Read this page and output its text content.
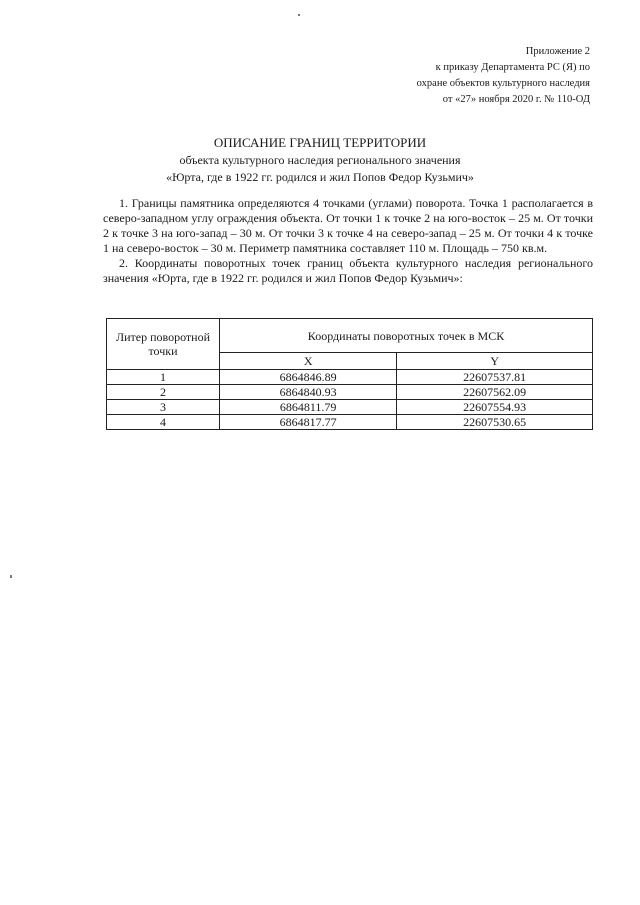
Приложение 2
к приказу Департамента РС (Я) по
охране объектов культурного наследия
от «27» ноября 2020 г. № 110-ОД
ОПИСАНИЕ ГРАНИЦ ТЕРРИТОРИИ
объекта культурного наследия регионального значения
«Юрта, где в 1922 гг. родился и жил Попов Федор Кузьмич»

1. Границы памятника определяются 4 точками (углами) поворота. Точка 1 располагается в северо-западном углу ограждения объекта. От точки 1 к точке 2 на юго-восток – 25 м. От точки 2 к точке 3 на юго-запад – 30 м. От точки 3 к точке 4 на северо-запад – 25 м. От точки 4 к точке 1 на северо-восток – 30 м. Периметр памятника составляет 110 м. Площадь – 750 кв.м.

2. Координаты поворотных точек границ объекта культурного наследия регионального значения «Юрта, где в 1922 гг. родился и жил Попов Федор Кузьмич»:

Литер поворотной точки	Координаты поворотных точек в МСК	
	X	Y
1	6864846.89	22607537.81
2	6864840.93	22607562.09
3	6864811.79	22607554.93
4	6864817.77	22607530.65
